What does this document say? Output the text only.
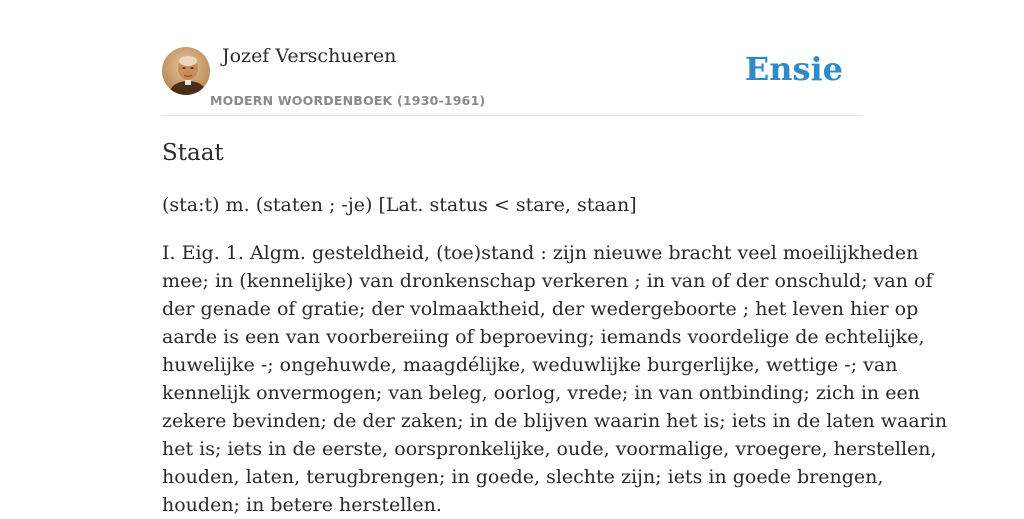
Jozef Verschueren
MODERN WOORDENBOEK (1930-1961)
Ensie
Staat
(sta:t) m. (staten ; -je) [Lat. status < stare, staan]
I. Eig. 1. Algm. gesteldheid, (toe)stand : zijn nieuwe bracht veel moeilijkheden
mee; in (kennelijke) van dronkenschap verkeren ; in van of der onschuld; van of
der genade of gratie; der volmaaktheid, der wedergeboorte ; het leven hier op
aarde is een van voorbereiing of beproeving; iemands voordelige de echtelijke,
huwelijke -; ongehuwde, maagdélijke, weduwlijke burgerlijke, wettige -; van
kennelijk onvermogen; van beleg, oorlog, vrede; in van ontbinding; zich in een
zekere bevinden; de der zaken; in de blijven waarin het is; iets in de laten waarin
het is; iets in de eerste, oorspronkelijke, oude, voormalige, vroegere, herstellen,
houden, laten, terugbrengen; in goede, slechte zijn; iets in goede brengen,
houden; in betere herstellen.
